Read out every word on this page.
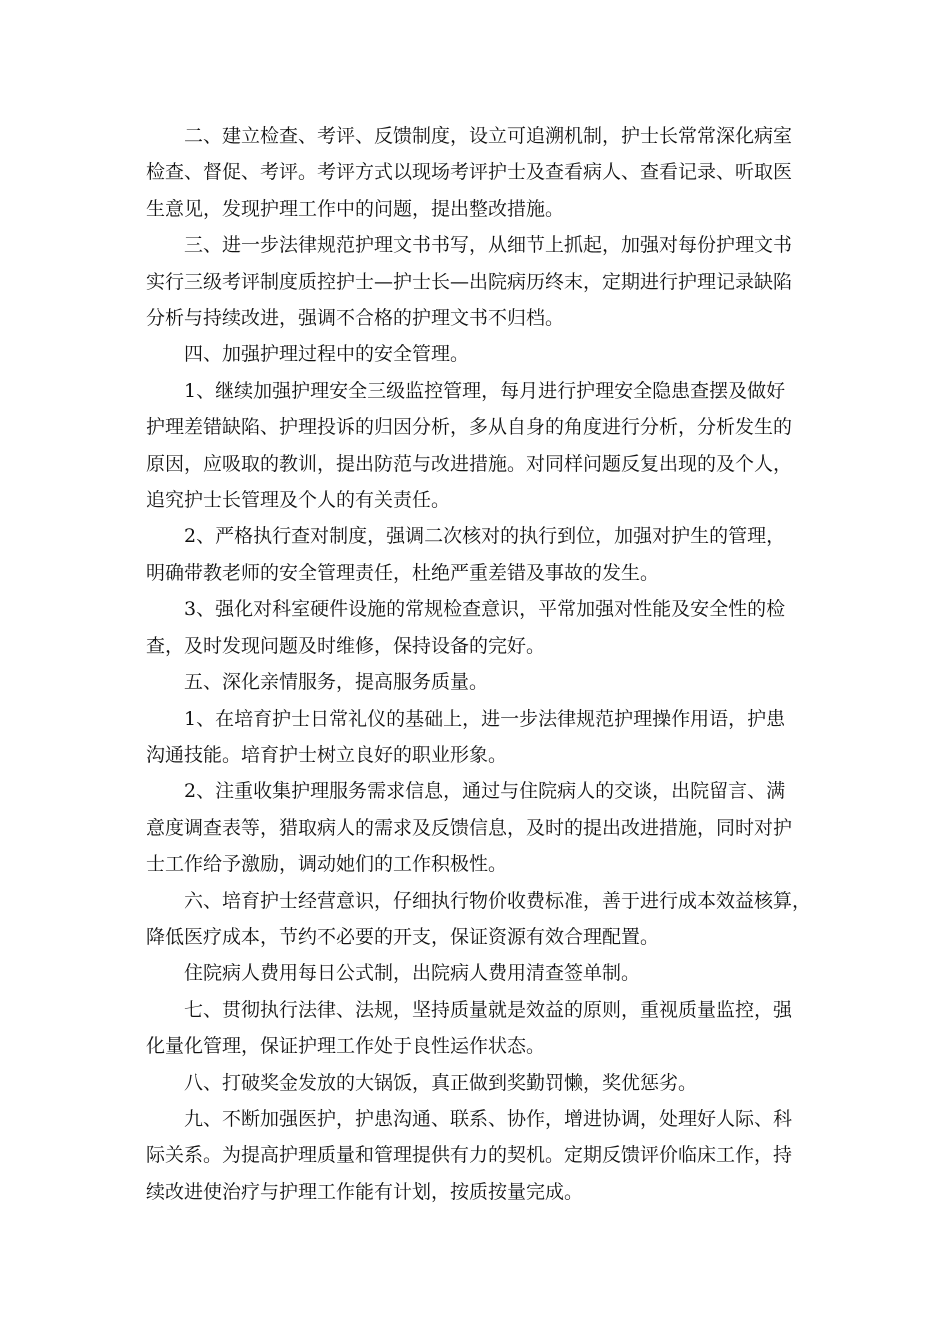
二、建立检查、考评、反馈制度，设立可追溯机制，护士长常常深化病室
检查、督促、考评。考评方式以现场考评护士及查看病人、查看记录、听取医
生意见，发现护理工作中的问题，提出整改措施。

三、进一步法律规范护理文书书写，从细节上抓起，加强对每份护理文书
实行三级考评制度质控护士—护士长—出院病历终末，定期进行护理记录缺陷
分析与持续改进，强调不合格的护理文书不归档。

四、加强护理过程中的安全管理。

1、继续加强护理安全三级监控管理，每月进行护理安全隐患查摆及做好
护理差错缺陷、护理投诉的归因分析，多从自身的角度进行分析，分析发生的
原因，应吸取的教训，提出防范与改进措施。对同样问题反复出现的及个人，
追究护士长管理及个人的有关责任。

2、严格执行查对制度，强调二次核对的执行到位，加强对护生的管理，
明确带教老师的安全管理责任，杜绝严重差错及事故的发生。

3、强化对科室硬件设施的常规检查意识，平常加强对性能及安全性的检
查，及时发现问题及时维修，保持设备的完好。

五、深化亲情服务，提高服务质量。

1、在培育护士日常礼仪的基础上，进一步法律规范护理操作用语，护患
沟通技能。培育护士树立良好的职业形象。

2、注重收集护理服务需求信息，通过与住院病人的交谈，出院留言、满
意度调查表等，猎取病人的需求及反馈信息，及时的提出改进措施，同时对护
士工作给予激励，调动她们的工作积极性。

六、培育护士经营意识，仔细执行物价收费标准，善于进行成本效益核算，
降低医疗成本，节约不必要的开支，保证资源有效合理配置。

住院病人费用每日公式制，出院病人费用清查签单制。

七、贯彻执行法律、法规，坚持质量就是效益的原则，重视质量监控，强
化量化管理，保证护理工作处于良性运作状态。

八、打破奖金发放的大锅饭，真正做到奖勤罚懒，奖优惩劣。

九、不断加强医护，护患沟通、联系、协作，增进协调，处理好人际、科
际关系。为提高护理质量和管理提供有力的契机。定期反馈评价临床工作，持
续改进使治疗与护理工作能有计划，按质按量完成。
